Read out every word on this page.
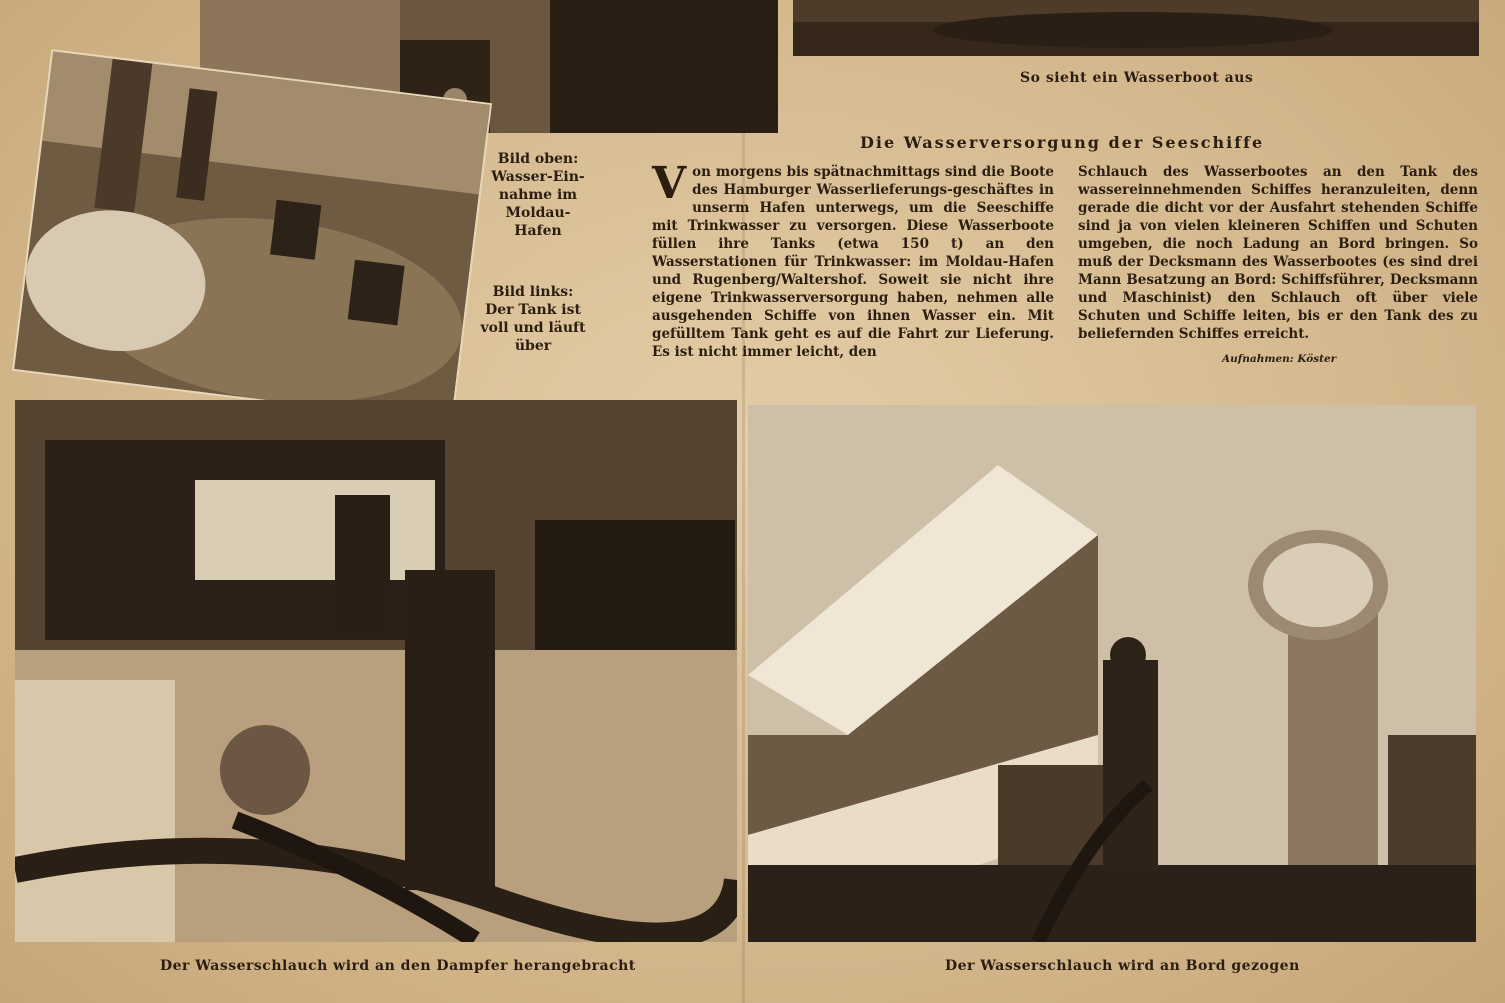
So sieht ein Wasserboot aus
Bild oben:
Wasser-Ein-
nahme im
Moldau-
Hafen
Bild links:
Der Tank ist
voll und läuft
über
Die Wasserversorgung der Seeschiffe
Von morgens bis spätnachmittags sind die Boote des Hamburger Wasserlieferungs-geschäftes in unserm Hafen unterwegs, um die Seeschiffe mit Trinkwasser zu versorgen. Diese Wasserboote füllen ihre Tanks (etwa 150 t) an den Wasserstationen für Trinkwasser: im Moldau-Hafen und Rugenberg/Waltershof. Soweit sie nicht ihre eigene Trinkwasserversorgung haben, nehmen alle ausgehenden Schiffe von ihnen Wasser ein. Mit gefülltem Tank geht es auf die Fahrt zur Lieferung. Es ist nicht immer leicht, den
Schlauch des Wasserbootes an den Tank des wassereinnehmenden Schiffes heranzuleiten, denn gerade die dicht vor der Ausfahrt stehenden Schiffe sind ja von vielen kleineren Schiffen und Schuten umgeben, die noch Ladung an Bord bringen. So muß der Decksmann des Wasserbootes (es sind drei Mann Besatzung an Bord: Schiffsführer, Decksmann und Maschinist) den Schlauch oft über viele Schuten und Schiffe leiten, bis er den Tank des zu beliefernden Schiffes erreicht.
Aufnahmen: Köster
Der Wasserschlauch wird an den Dampfer herangebracht	Der Wasserschlauch wird an Bord gezogen
